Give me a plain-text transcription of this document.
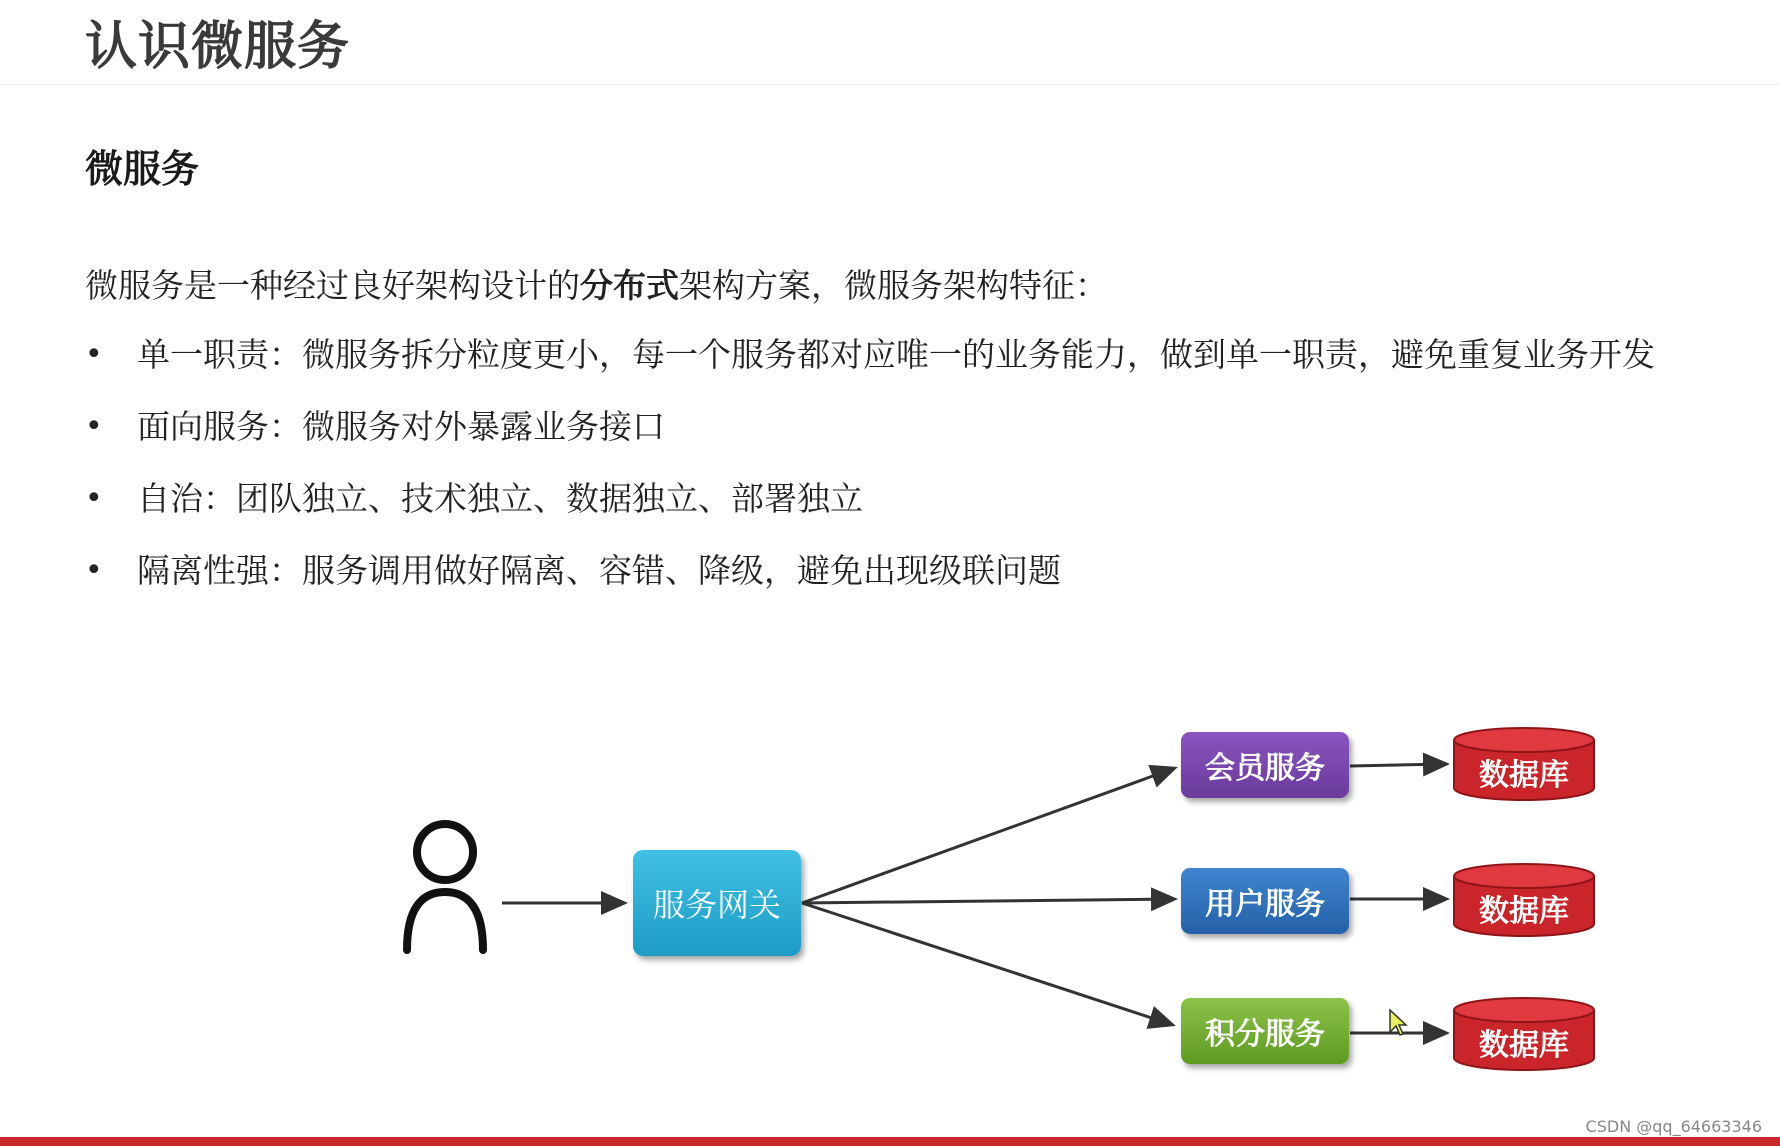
认识微服务
微服务
微服务是一种经过良好架构设计的分布式架构方案，微服务架构特征：
• 单一职责：微服务拆分粒度更小，每一个服务都对应唯一的业务能力，做到单一职责，避免重复业务开发
• 面向服务：微服务对外暴露业务接口
• 自治：团队独立、技术独立、数据独立、部署独立
• 隔离性强：服务调用做好隔离、容错、降级，避免出现级联问题
服务网关
会员服务
用户服务
积分服务
数据库
数据库
数据库
CSDN @qq_64663346
